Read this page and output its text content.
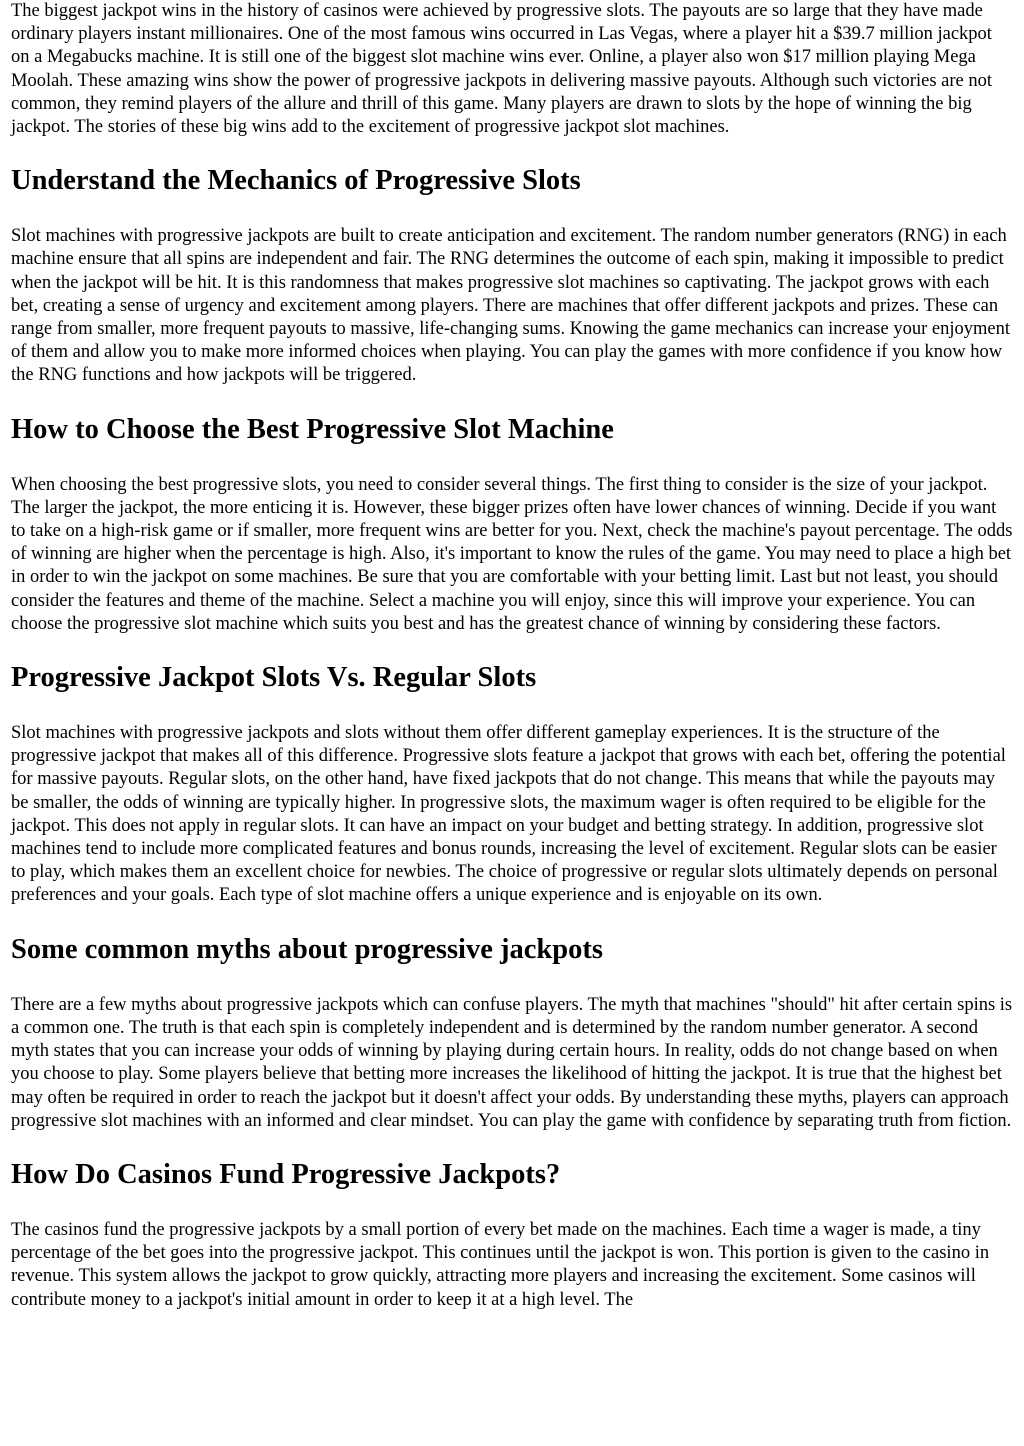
The biggest jackpot wins in the history of casinos were achieved by progressive slots. The payouts are so large that they have made ordinary players instant millionaires. One of the most famous wins occurred in Las Vegas, where a player hit a $39.7 million jackpot on a Megabucks machine. It is still one of the biggest slot machine wins ever. Online, a player also won $17 million playing Mega Moolah. These amazing wins show the power of progressive jackpots in delivering massive payouts. Although such victories are not common, they remind players of the allure and thrill of this game. Many players are drawn to slots by the hope of winning the big jackpot. The stories of these big wins add to the excitement of progressive jackpot slot machines.

Understand the Mechanics of Progressive Slots

Slot machines with progressive jackpots are built to create anticipation and excitement. The random number generators (RNG) in each machine ensure that all spins are independent and fair. The RNG determines the outcome of each spin, making it impossible to predict when the jackpot will be hit. It is this randomness that makes progressive slot machines so captivating. The jackpot grows with each bet, creating a sense of urgency and excitement among players. There are machines that offer different jackpots and prizes. These can range from smaller, more frequent payouts to massive, life-changing sums. Knowing the game mechanics can increase your enjoyment of them and allow you to make more informed choices when playing. You can play the games with more confidence if you know how the RNG functions and how jackpots will be triggered.

How to Choose the Best Progressive Slot Machine

When choosing the best progressive slots, you need to consider several things. The first thing to consider is the size of your jackpot. The larger the jackpot, the more enticing it is. However, these bigger prizes often have lower chances of winning. Decide if you want to take on a high-risk game or if smaller, more frequent wins are better for you. Next, check the machine's payout percentage. The odds of winning are higher when the percentage is high. Also, it's important to know the rules of the game. You may need to place a high bet in order to win the jackpot on some machines. Be sure that you are comfortable with your betting limit. Last but not least, you should consider the features and theme of the machine. Select a machine you will enjoy, since this will improve your experience. You can choose the progressive slot machine which suits you best and has the greatest chance of winning by considering these factors.

Progressive Jackpot Slots Vs. Regular Slots

Slot machines with progressive jackpots and slots without them offer different gameplay experiences. It is the structure of the progressive jackpot that makes all of this difference. Progressive slots feature a jackpot that grows with each bet, offering the potential for massive payouts. Regular slots, on the other hand, have fixed jackpots that do not change. This means that while the payouts may be smaller, the odds of winning are typically higher. In progressive slots, the maximum wager is often required to be eligible for the jackpot. This does not apply in regular slots. It can have an impact on your budget and betting strategy. In addition, progressive slot machines tend to include more complicated features and bonus rounds, increasing the level of excitement. Regular slots can be easier to play, which makes them an excellent choice for newbies. The choice of progressive or regular slots ultimately depends on personal preferences and your goals. Each type of slot machine offers a unique experience and is enjoyable on its own.

Some common myths about progressive jackpots

There are a few myths about progressive jackpots which can confuse players. The myth that machines "should" hit after certain spins is a common one. The truth is that each spin is completely independent and is determined by the random number generator. A second myth states that you can increase your odds of winning by playing during certain hours. In reality, odds do not change based on when you choose to play. Some players believe that betting more increases the likelihood of hitting the jackpot. It is true that the highest bet may often be required in order to reach the jackpot but it doesn't affect your odds. By understanding these myths, players can approach progressive slot machines with an informed and clear mindset. You can play the game with confidence by separating truth from fiction.

How Do Casinos Fund Progressive Jackpots?

The casinos fund the progressive jackpots by a small portion of every bet made on the machines. Each time a wager is made, a tiny percentage of the bet goes into the progressive jackpot. This continues until the jackpot is won. This portion is given to the casino in revenue. This system allows the jackpot to grow quickly, attracting more players and increasing the excitement. Some casinos will contribute money to a jackpot's initial amount in order to keep it at a high level. The
